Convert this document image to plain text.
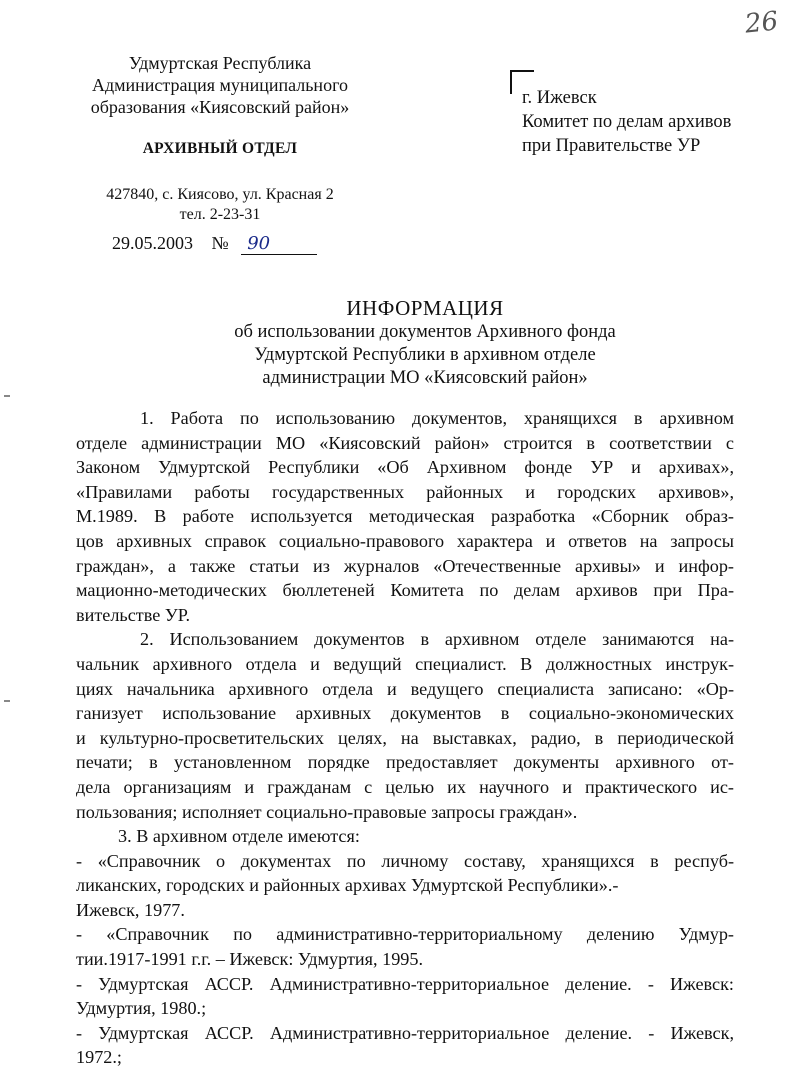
26
Удмуртская Республика
Администрация муниципального
образования «Киясовский район»
АРХИВНЫЙ ОТДЕЛ
427840, с. Киясово, ул. Красная 2
тел. 2-23-31
29.05.2003 № 90
г. Ижевск
Комитет по делам архивов
при Правительстве УР
ИНФОРМАЦИЯ
об использовании документов Архивного фонда
Удмуртской Республики в архивном отделе
администрации МО «Киясовский район»
1. Работа по использованию документов, хранящихся в архивном
отделе администрации МО «Киясовский район» строится в соответствии с
Законом Удмуртской Республики «Об Архивном фонде УР и архивах»,
«Правилами работы государственных районных и городских архивов»,
М.1989. В работе используется методическая разработка «Сборник образ-
цов архивных справок социально-правового характера и ответов на запросы
граждан», а также статьи из журналов «Отечественные архивы» и инфор-
мационно-методических бюллетеней Комитета по делам архивов при Пра-
вительстве УР.
2. Использованием документов в архивном отделе занимаются на-
чальник архивного отдела и ведущий специалист. В должностных инструк-
циях начальника архивного отдела и ведущего специалиста записано: «Ор-
ганизует использование архивных документов в социально-экономических
и культурно-просветительских целях, на выставках, радио, в периодической
печати; в установленном порядке предоставляет документы архивного от-
дела организациям и гражданам с целью их научного и практического ис-
пользования; исполняет социально-правовые запросы граждан».
3. В архивном отделе имеются:
- «Справочник о документах по личному составу, хранящихся в респуб-
ликанских, городских и районных архивах Удмуртской Республики».-
Ижевск, 1977.
- «Справочник по административно-территориальному делению Удмур-
тии.1917-1991 г.г. – Ижевск: Удмуртия, 1995.
- Удмуртская АССР. Административно-территориальное деление. - Ижевск:
Удмуртия, 1980.;
- Удмуртская АССР. Административно-территориальное деление. - Ижевск,
1972.;
